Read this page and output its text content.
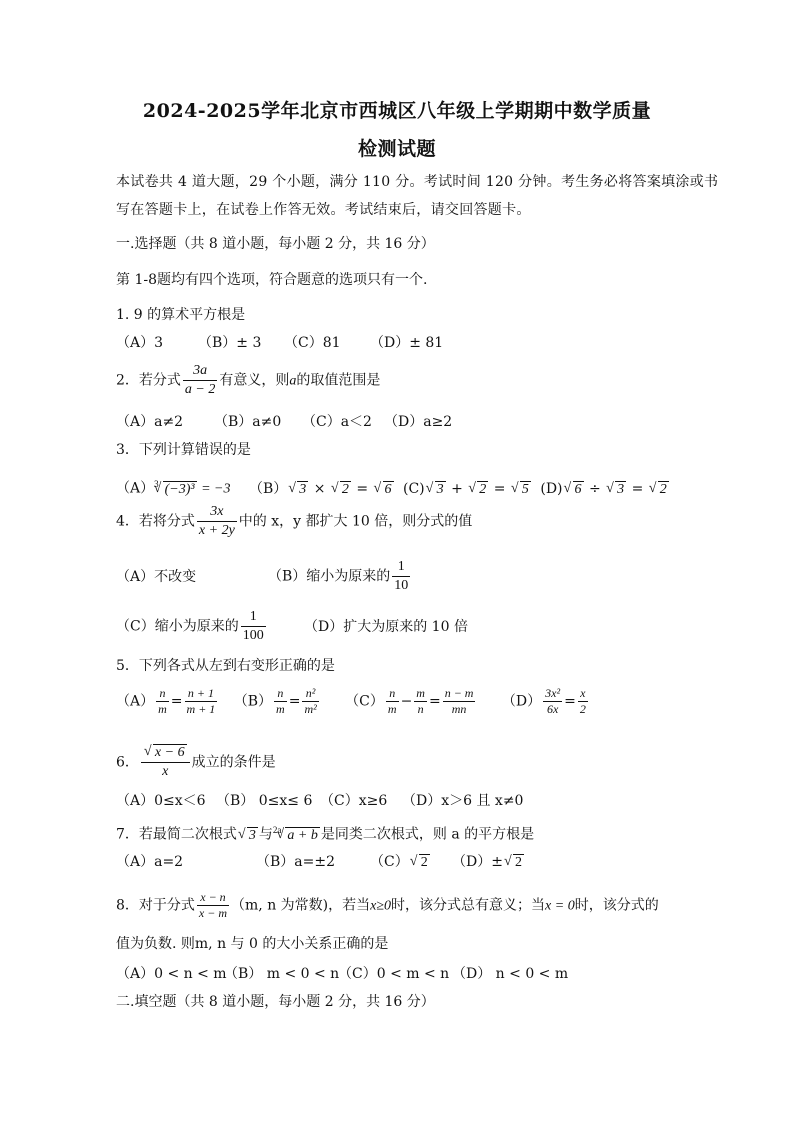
2024-2025学年北京市西城区八年级上学期期中数学质量
检测试题
本试卷共 4 道大题，29 个小题，满分 110 分。考试时间 120 分钟。考生务必将答案填涂或书
写在答题卡上，在试卷上作答无效。考试结束后，请交回答题卡。
一.选择题（共 8 道小题，每小题 2 分，共 16 分）
第 1-8题均有四个选项，符合题意的选项只有一个.
1. 9 的算术平方根是
（A）3 （B）± 3 （C）81 （D）± 81
2．若分式 $\frac{3a}{a - 2}$ 有意义，则a的取值范围是
（A）a≠2 （B）a≠0 （C）a＜2 （D）a≥2
3．下列计算错误的是
$(A)^3√$ (−3)³ = −3 （B）√ 3 × √ 2 = √ 6 (C)√ 3 + √ 2 = √ 5 (D)√ 6 ÷ √ 3 = √ 2
4．若将分式 $\frac{3x}{x + 2y}$ 中的 x，y 都扩大 10 倍，则分式的值
（A）不改变	（B）缩小为原来的 $\frac{1}{10}$
（C）缩小为原来的 $\frac{1}{100}$	（D）扩大为原来的 10 倍
5．下列各式从左到右变形正确的是
$(A) \frac{n}{m} = \frac{n + 1}{m + 1} (B) \frac{n}{m} = \frac{\text{n²}}{\text{m²}} (C) \frac{n}{m} - \frac{m}{n} = \frac{n - m}{mn} (D) \frac{\text{3x²}}{6x} = \frac{x}{2}$
6．
√ $\frac{x - 6}{x}$ 成立的条件是
（A）0≤x＜6 （B） 0≤x≤ 6 （C）x≥6 （D）x＞6 且 x≠0
7．若最简二次根式√ 3 与$^{2a}$√ a + b 是同类二次根式，则 a 的平方根是
（A）a=2	（B）a=±2 （C）√ 2 （D）±√ 2
8．对于分式 $\frac{x - n}{x - m} (m$, n 为常数)，若当x≥0时，该分式总有意义；当x = 0时，该分式的
值为负数. 则m, n 与 0 的大小关系正确的是
（A）0 < n < m（B） m < 0 < n（C）0 < m < n （D） n < 0 < m
二.填空题（共 8 道小题，每小题 2 分，共 16 分）
